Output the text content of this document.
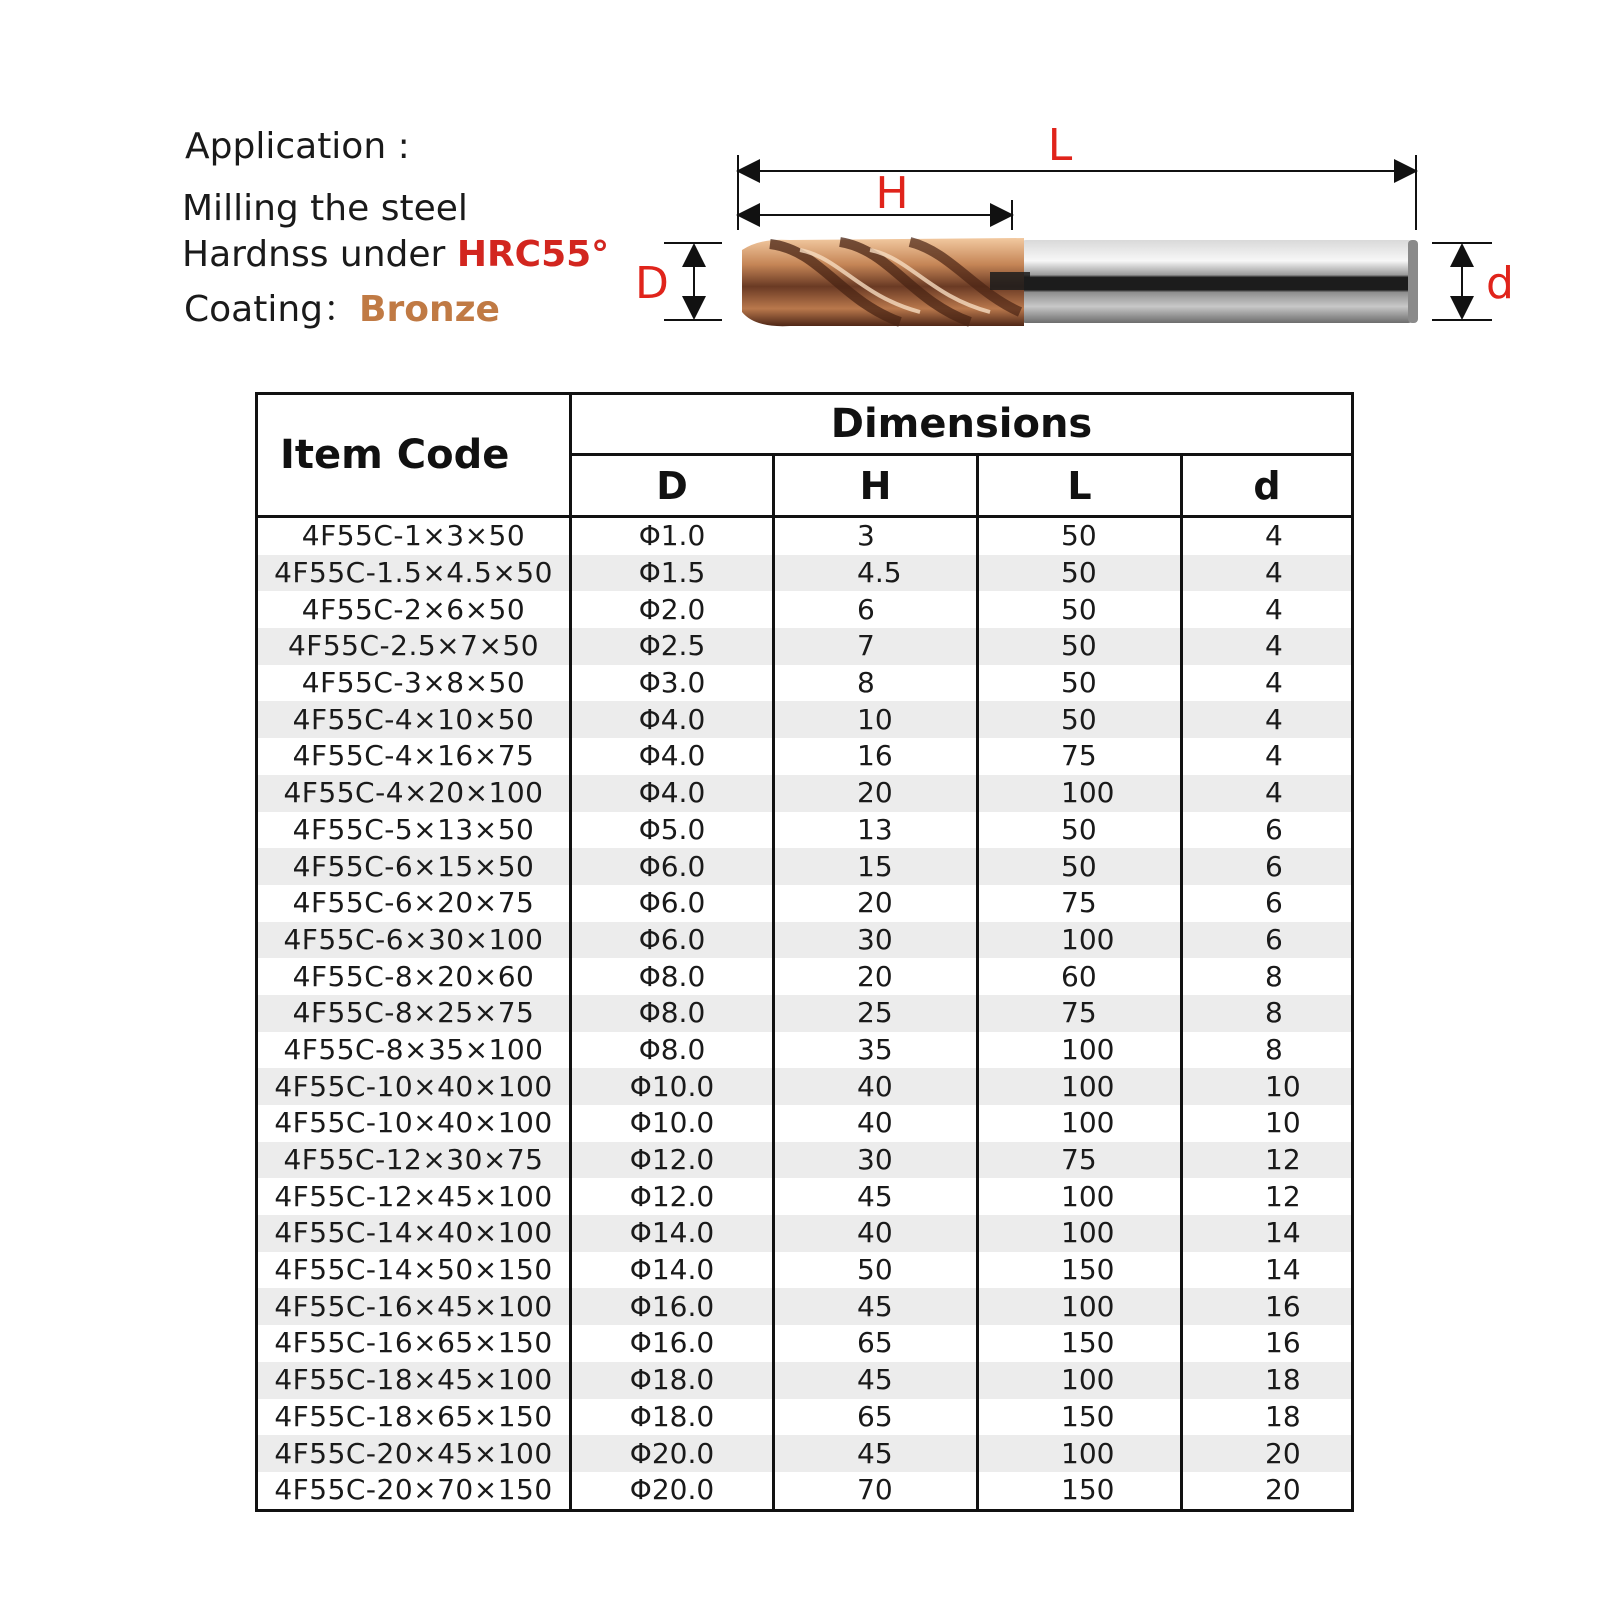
Application :
Milling the steel
Hardnss under HRC55°
Coating：Bronze
L
H
D	d
Item Code	Dimensions			
	D	H	L	d
4F55C-1×3×50	Φ1.0	3	50	4
4F55C-1.5×4.5×50	Φ1.5	4.5	50	4
4F55C-2×6×50	Φ2.0	6	50	4
4F55C-2.5×7×50	Φ2.5	7	50	4
4F55C-3×8×50	Φ3.0	8	50	4
4F55C-4×10×50	Φ4.0	10	50	4
4F55C-4×16×75	Φ4.0	16	75	4
4F55C-4×20×100	Φ4.0	20	100	4
4F55C-5×13×50	Φ5.0	13	50	6
4F55C-6×15×50	Φ6.0	15	50	6
4F55C-6×20×75	Φ6.0	20	75	6
4F55C-6×30×100	Φ6.0	30	100	6
4F55C-8×20×60	Φ8.0	20	60	8
4F55C-8×25×75	Φ8.0	25	75	8
4F55C-8×35×100	Φ8.0	35	100	8
4F55C-10×40×100	Φ10.0	40	100	10
4F55C-10×40×100	Φ10.0	40	100	10
4F55C-12×30×75	Φ12.0	30	75	12
4F55C-12×45×100	Φ12.0	45	100	12
4F55C-14×40×100	Φ14.0	40	100	14
4F55C-14×50×150	Φ14.0	50	150	14
4F55C-16×45×100	Φ16.0	45	100	16
4F55C-16×65×150	Φ16.0	65	150	16
4F55C-18×45×100	Φ18.0	45	100	18
4F55C-18×65×150	Φ18.0	65	150	18
4F55C-20×45×100	Φ20.0	45	100	20
4F55C-20×70×150	Φ20.0	70	150	20
